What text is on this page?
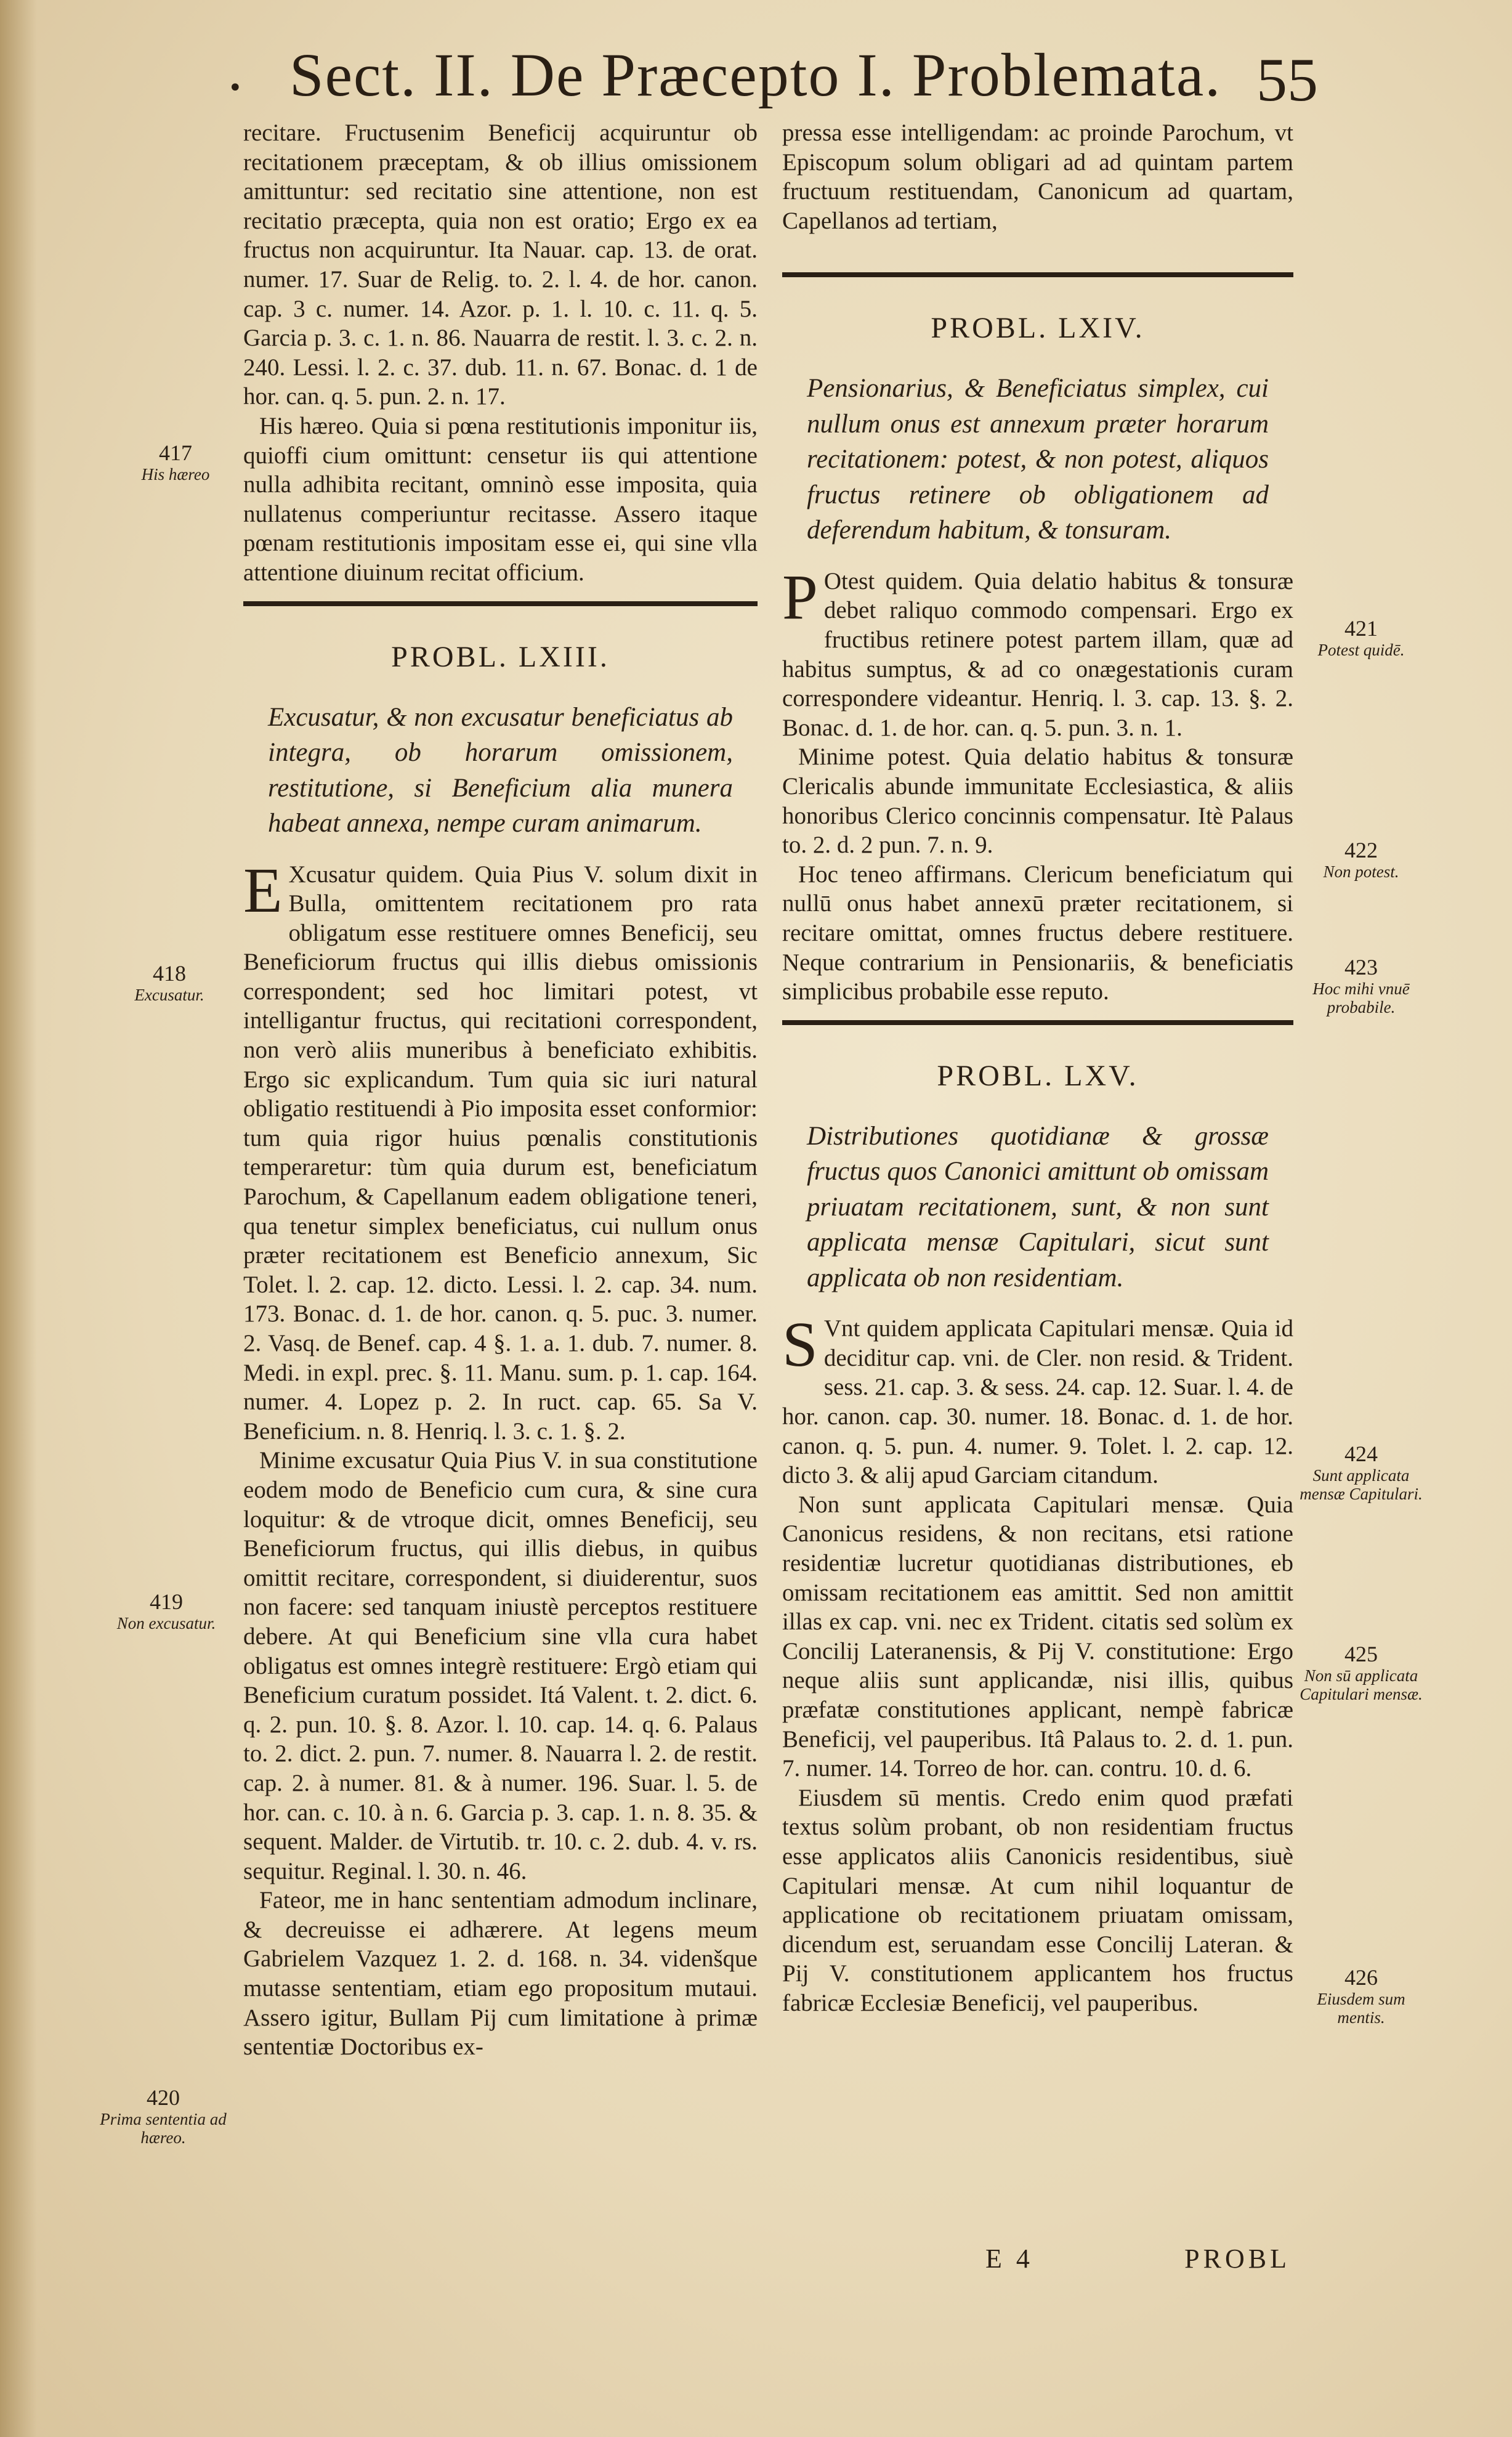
• Sect. II. De Præcepto I. Problemata. 55

recitare. Fructusenim Beneficij acquiruntur ob recitationem præceptam, & ob illius omissionem amittuntur: sed recitatio sine attentione, non est recitatio præcepta, quia non est oratio; Ergo ex ea fructus non acquiruntur. Ita Nauar. cap. 13. de orat. numer. 17. Suar de Relig. to. 2. l. 4. de hor. canon. cap. 3 c. numer. 14. Azor. p. 1. l. 10. c. 11. q. 5. Garcia p. 3. c. 1. n. 86. Nauarra de restit. l. 3. c. 2. n. 240. Lessi. l. 2. c. 37. dub. 11. n. 67. Bonac. d. 1 de hor. can. q. 5. pun. 2. n. 17.

His hæreo. Quia si pœna restitutionis imponitur iis, quioffi cium omittunt: censetur iis qui attentione nulla adhibita recitant, omninò esse imposita, quia nullatenus comperiuntur recitasse. Assero itaque pœnam restitutionis impositam esse ei, qui sine vlla attentione diuinum recitat officium.

PROBL. LXIII.
Excusatur, & non excusatur beneficiatus ab integra, ob horarum omissionem, restitutione, si Beneficium alia munera habeat annexa, nempe curam animarum.

E Xcusatur quidem. Quia Pius V. solum dixit in Bulla, omittentem recitationem pro rata obligatum esse restituere omnes Beneficij, seu Beneficiorum fructus qui illis diebus omissionis correspondent; sed hoc limitari potest, vt intelligantur fructus, qui recitationi correspondent, non verò aliis muneribus à beneficiato exhibitis. Ergo sic explicandum. Tum quia sic iuri natural obligatio restituendi à Pio imposita esset conformior: tum quia rigor huius pœnalis constitutionis temperaretur: tùm quia durum est, beneficiatum Parochum, & Capellanum eadem obligatione teneri, qua tenetur simplex beneficiatus, cui nullum onus præter recitationem est Beneficio annexum, Sic Tolet. l. 2. cap. 12. dicto. Lessi. l. 2. cap. 34. num. 173. Bonac. d. 1. de hor. canon. q. 5. puc. 3. numer. 2. Vasq. de Benef. cap. 4 §. 1. a. 1. dub. 7. numer. 8. Medi. in expl. prec. §. 11. Manu. sum. p. 1. cap. 164. numer. 4. Lopez p. 2. In ruct. cap. 65. Sa V. Beneficium. n. 8. Henriq. l. 3. c. 1. §. 2.

Minime excusatur Quia Pius V. in sua constitutione eodem modo de Beneficio cum cura, & sine cura loquitur: & de vtroque dicit, omnes Beneficij, seu Beneficiorum fructus, qui illis diebus, in quibus omittit recitare, correspondent, si diuiderentur, suos non facere: sed tanquam iniustè perceptos restituere debere. At qui Beneficium sine vlla cura habet obligatus est omnes integrè restituere: Ergò etiam qui Beneficium curatum possidet. Itá Valent. t. 2. dict. 6. q. 2. pun. 10. §. 8. Azor. l. 10. cap. 14. q. 6. Palaus to. 2. dict. 2. pun. 7. numer. 8. Nauarra l. 2. de restit. cap. 2. à numer. 81. & à numer. 196. Suar. l. 5. de hor. can. c. 10. à n. 6. Garcia p. 3. cap. 1. n. 8. 35. & sequent. Malder. de Virtutib. tr. 10. c. 2. dub. 4. v. rs. sequitur. Reginal. l. 30. n. 46.

Fateor, me in hanc sententiam admodum inclinare, & decreuisse ei adhærere. At legens meum Gabrielem Vazquez 1. 2. d. 168. n. 34. videnšque mutasse sententiam, etiam ego propositum mutaui. Assero igitur, Bullam Pij cum limitatione à primæ sententiæ Doctoribus ex-

pressa esse intelligendam: ac proinde Parochum, vt Episcopum solum obligari ad ad quintam partem fructuum restituendam, Canonicum ad quartam, Capellanos ad tertiam,

PROBL. LXIV.
Pensionarius, & Beneficiatus simplex, cui nullum onus est annexum præter horarum recitationem: potest, & non potest, aliquos fructus retinere ob obligationem ad deferendum habitum, & tonsuram.

P Otest quidem. Quia delatio habitus & tonsuræ debet raliquo commodo compensari. Ergo ex fructibus retinere potest partem illam, quæ ad habitus sumptus, & ad co onægestationis curam correspondere videantur. Henriq. l. 3. cap. 13. §. 2. Bonac. d. 1. de hor. can. q. 5. pun. 3. n. 1.

Minime potest. Quia delatio habitus & tonsuræ Clericalis abunde immunitate Ecclesiastica, & aliis honoribus Clerico concinnis compensatur. Itè Palaus to. 2. d. 2 pun. 7. n. 9.

Hoc teneo affirmans. Clericum beneficiatum qui nullū onus habet annexū præter recitationem, si recitare omittat, omnes fructus debere restituere. Neque contrarium in Pensionariis, & beneficiatis simplicibus probabile esse reputo.

PROBL. LXV.
Distributiones quotidianæ & grossæ fructus quos Canonici amittunt ob omissam priuatam recitationem, sunt, & non sunt applicata mensæ Capitulari, sicut sunt applicata ob non residentiam.

S Vnt quidem applicata Capitulari mensæ. Quia id deciditur cap. vni. de Cler. non resid. & Trident. sess. 21. cap. 3. & sess. 24. cap. 12. Suar. l. 4. de hor. canon. cap. 30. numer. 18. Bonac. d. 1. de hor. canon. q. 5. pun. 4. numer. 9. Tolet. l. 2. cap. 12. dicto 3. & alij apud Garciam citandum.

Non sunt applicata Capitulari mensæ. Quia Canonicus residens, & non recitans, etsi ratione residentiæ lucretur quotidianas distributiones, eb omissam recitationem eas amittit. Sed non amittit illas ex cap. vni. nec ex Trident. citatis sed solùm ex Concilij Lateranensis, & Pij V. constitutione: Ergo neque aliis sunt applicandæ, nisi illis, quibus præfatæ constitutiones applicant, nempè fabricæ Beneficij, vel pauperibus. Itâ Palaus to. 2. d. 1. pun. 7. numer. 14. Torreo de hor. can. contru. 10. d. 6.

Eiusdem sū mentis. Credo enim quod præfati textus solùm probant, ob non residentiam fructus esse applicatos aliis Canonicis residentibus, siuè Capitulari mensæ. At cum nihil loquantur de applicatione ob recitationem priuatam omissam, dicendum est, seruandam esse Concilij Lateran. & Pij V. constitutionem applicantem hos fructus fabricæ Ecclesiæ Beneficij, vel pauperibus.

417
His hæreo
418
Excusatur.
419
Non excusatur.
420
Prima sententia ad hæreo.
421
Potest quidē.
422
Non potest.
423
Hoc mihi vnuē probabile.
424
Sunt applicata mensæ Capitulari.
425
Non sū applicata Capitulari mensæ.
426
Eiusdem sum mentis.
E 4	PROBL
